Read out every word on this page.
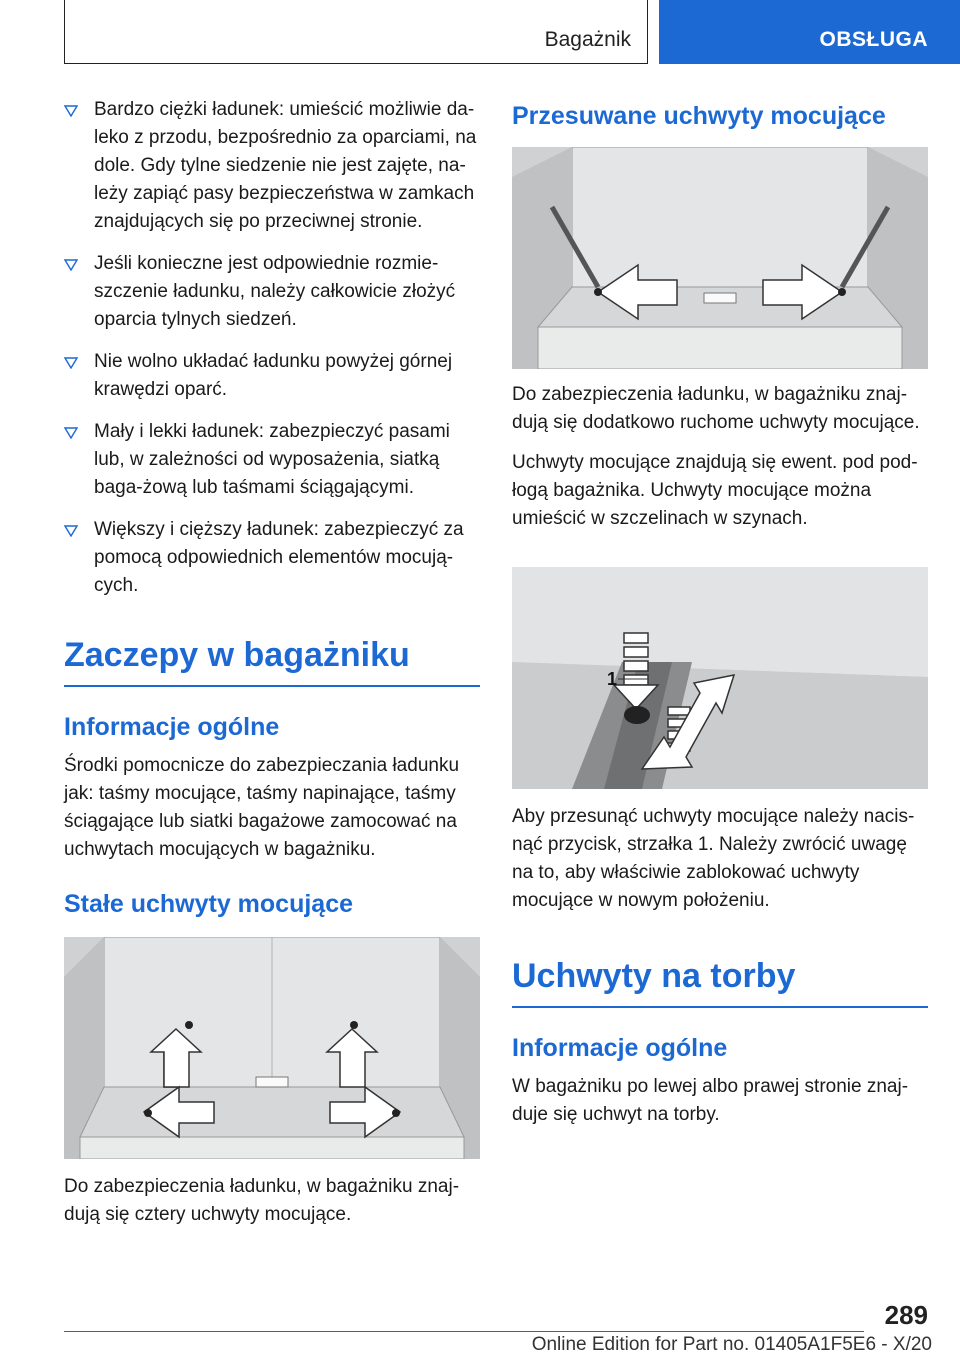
Bagażnik	OBSŁUGA
Bardzo ciężki ładunek: umieścić możliwie da‐leko z przodu, bezpośrednio za oparciami, na dole. Gdy tylne siedzenie nie jest zajęte, na‐leży zapiąć pasy bezpieczeństwa w zamkach znajdujących się po przeciwnej stronie.
Jeśli konieczne jest odpowiednie rozmie‐szczenie ładunku, należy całkowicie złożyć oparcia tylnych siedzeń.
Nie wolno układać ładunku powyżej górnej krawędzi oparć.
Mały i lekki ładunek: zabezpieczyć pasami lub, w zależności od wyposażenia, siatką baga‐żową lub taśmami ściągającymi.
Większy i cięższy ładunek: zabezpieczyć za pomocą odpowiednich elementów mocują‐cych.
Zaczepy w bagażniku
Informacje ogólne

Środki pomocnicze do zabezpieczania ładunku jak: taśmy mocujące, taśmy napinające, taśmy ściągające lub siatki bagażowe zamocować na uchwytach mocujących w bagażniku.

Stałe uchwyty mocujące

Do zabezpieczenia ładunku, w bagażniku znaj‐dują się cztery uchwyty mocujące.

Przesuwane uchwyty mocujące

Do zabezpieczenia ładunku, w bagażniku znaj‐dują się dodatkowo ruchome uchwyty mocujące.

Uchwyty mocujące znajdują się ewent. pod pod‐łogą bagażnika. Uchwyty mocujące można umieścić w szczelinach w szynach.

1

Aby przesunąć uchwyty mocujące należy nacis‐nąć przycisk, strzałka 1. Należy zwrócić uwagę na to, aby właściwie zablokować uchwyty mocujące w nowym położeniu.

Uchwyty na torby
Informacje ogólne

W bagażniku po lewej albo prawej stronie znaj‐duje się uchwyt na torby.

289
Online Edition for Part no. 01405A1F5E6 - X/20
